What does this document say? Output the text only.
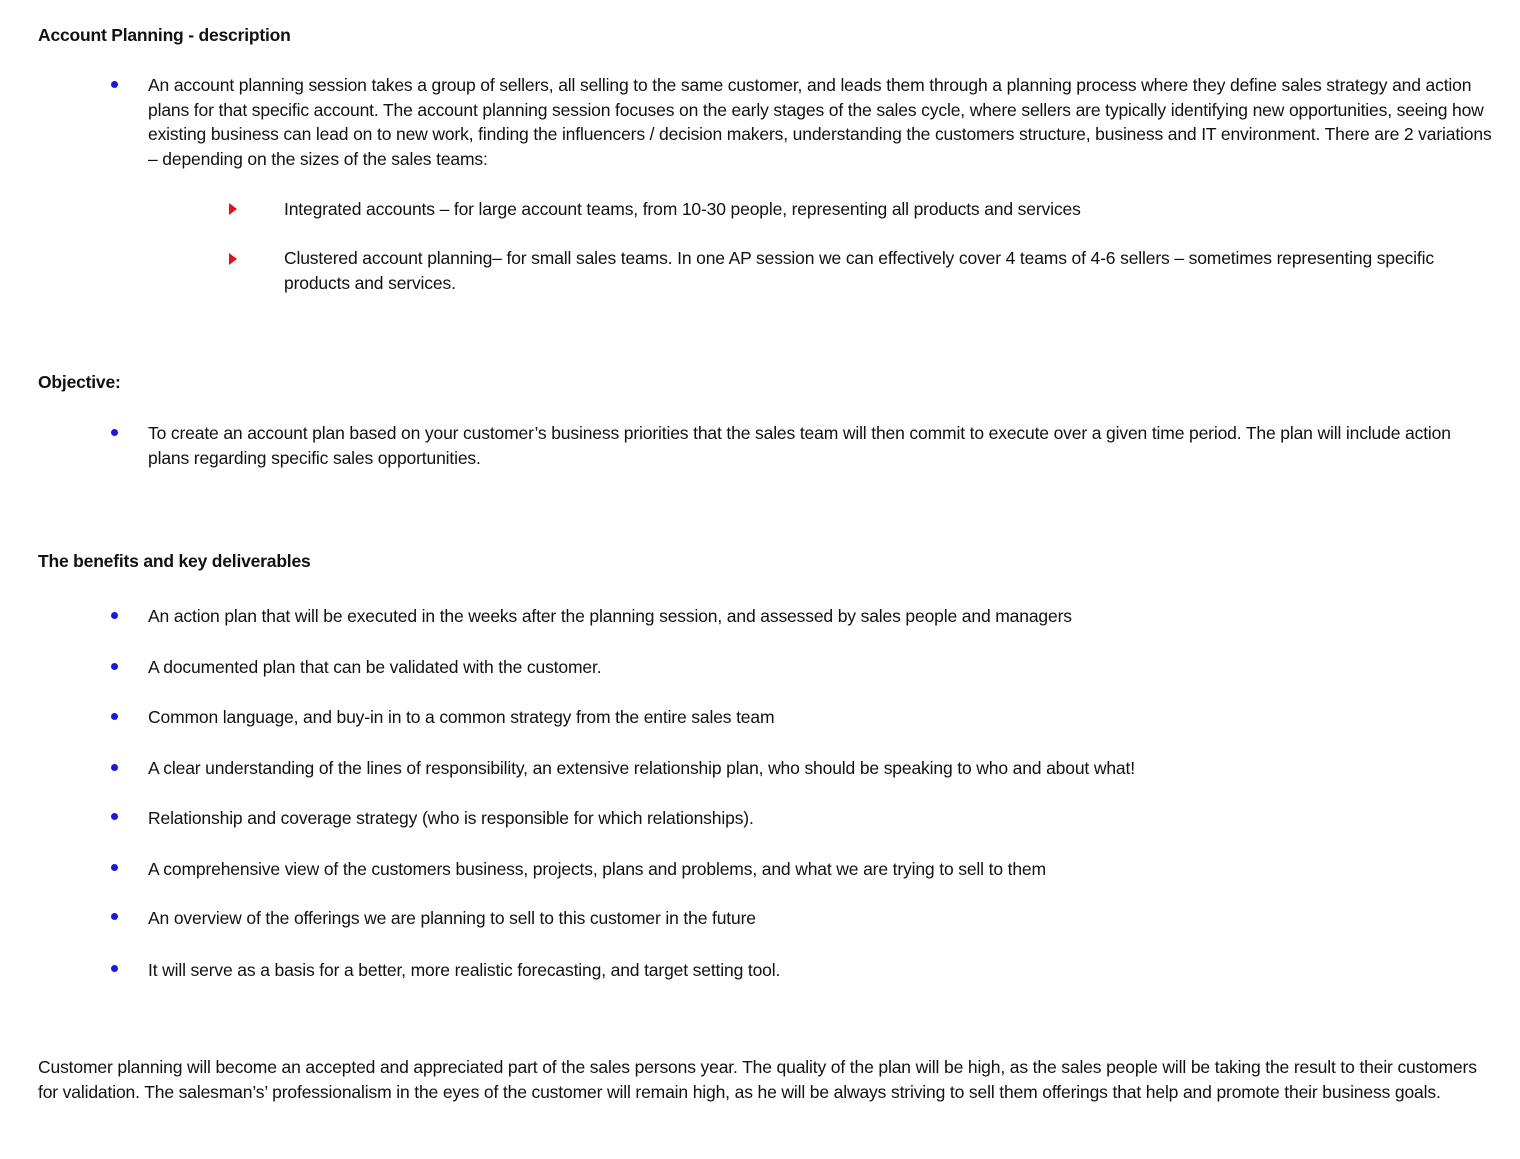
Account Planning - description
An account planning session takes a group of sellers, all selling to the same customer, and leads them through a planning process where they define sales strategy and action plans for that specific account. The account planning session focuses on the early stages of the sales cycle, where sellers are typically identifying new opportunities, seeing how existing business can lead on to new work, finding the influencers / decision makers, understanding the customers structure, business and IT environment. There are 2 variations – depending on the sizes of the sales teams:
Integrated accounts – for large account teams, from 10-30 people, representing all products and services
Clustered account planning– for small sales teams. In one AP session we can effectively cover 4 teams of 4-6 sellers – sometimes representing specific products and services.
Objective:
To create an account plan based on your customer’s business priorities that the sales team will then commit to execute over a given time period. The plan will include action plans regarding specific sales opportunities.
The benefits and key deliverables
An action plan that will be executed in the weeks after the planning session, and assessed by sales people and managers
A documented plan that can be validated with the customer.
Common language, and buy-in in to a common strategy from the entire sales team
A clear understanding of the lines of responsibility, an extensive relationship plan, who should be speaking to who and about what!
Relationship and coverage strategy (who is responsible for which relationships).
A comprehensive view of the customers business, projects, plans and problems, and what we are trying to sell to them
An overview of the offerings we are planning to sell to this customer in the future
It will serve as a basis for a better, more realistic forecasting, and target setting tool.
Customer planning will become an accepted and appreciated part of the sales persons year. The quality of the plan will be high, as the sales people will be taking the result to their customers for validation. The salesman’s’ professionalism in the eyes of the customer will remain high, as he will be always striving to sell them offerings that help and promote their business goals.
